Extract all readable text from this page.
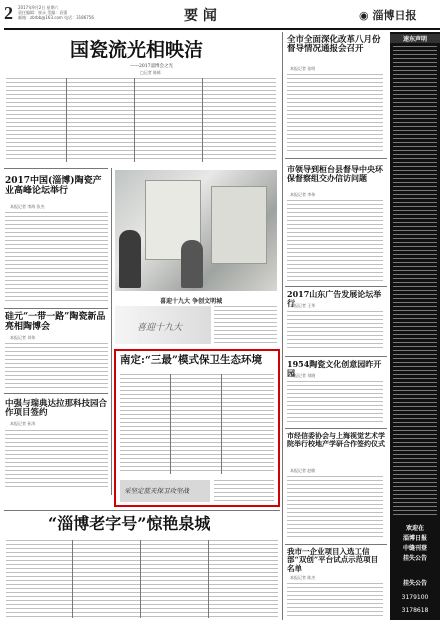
2 2017年9月2日 星期六
责任编辑：崔永 美编：袁强
邮箱：zbrbb@163.com 电话：3186756	要 闻	◉ 淄博日报
国瓷流光相映洁
——2017淄博会之光
□记者 陈栋
2017中国(淄博)陶瓷产业高峰论坛举行
本报记者 李海 张杰
硅元“一带一路”陶瓷新品亮相陶博会
本报记者 刘伟
中强与瑞典达拉那科技园合作项目签约
本报记者 孙涛
喜迎十九大 争创文明城
喜迎十九大
南定:“三最”模式保卫生态环境
采坚定蓝天保卫攻坚战
“淄博老字号”惊艳泉城
全市全面深化改革八月份督导情况通报会召开
本报记者 张明
市领导到桓台县督导中央环保督察组交办信访问题
本报记者 李伟
2017山东广告发展论坛举行
本报记者 王华
1954陶瓷文化创意园昨开园
本报记者 刘晓
市经信委协会与上海视觉艺术学院举行校地产学研合作签约仪式
本报记者 赵敏
我市一企业项目入选工信部“双创”平台试点示范项目名单
本报记者 陈杰
速东声明
欢迎在
淄博日报
中缝刊登
挂失公告
挂失公告
3179100
3178618
